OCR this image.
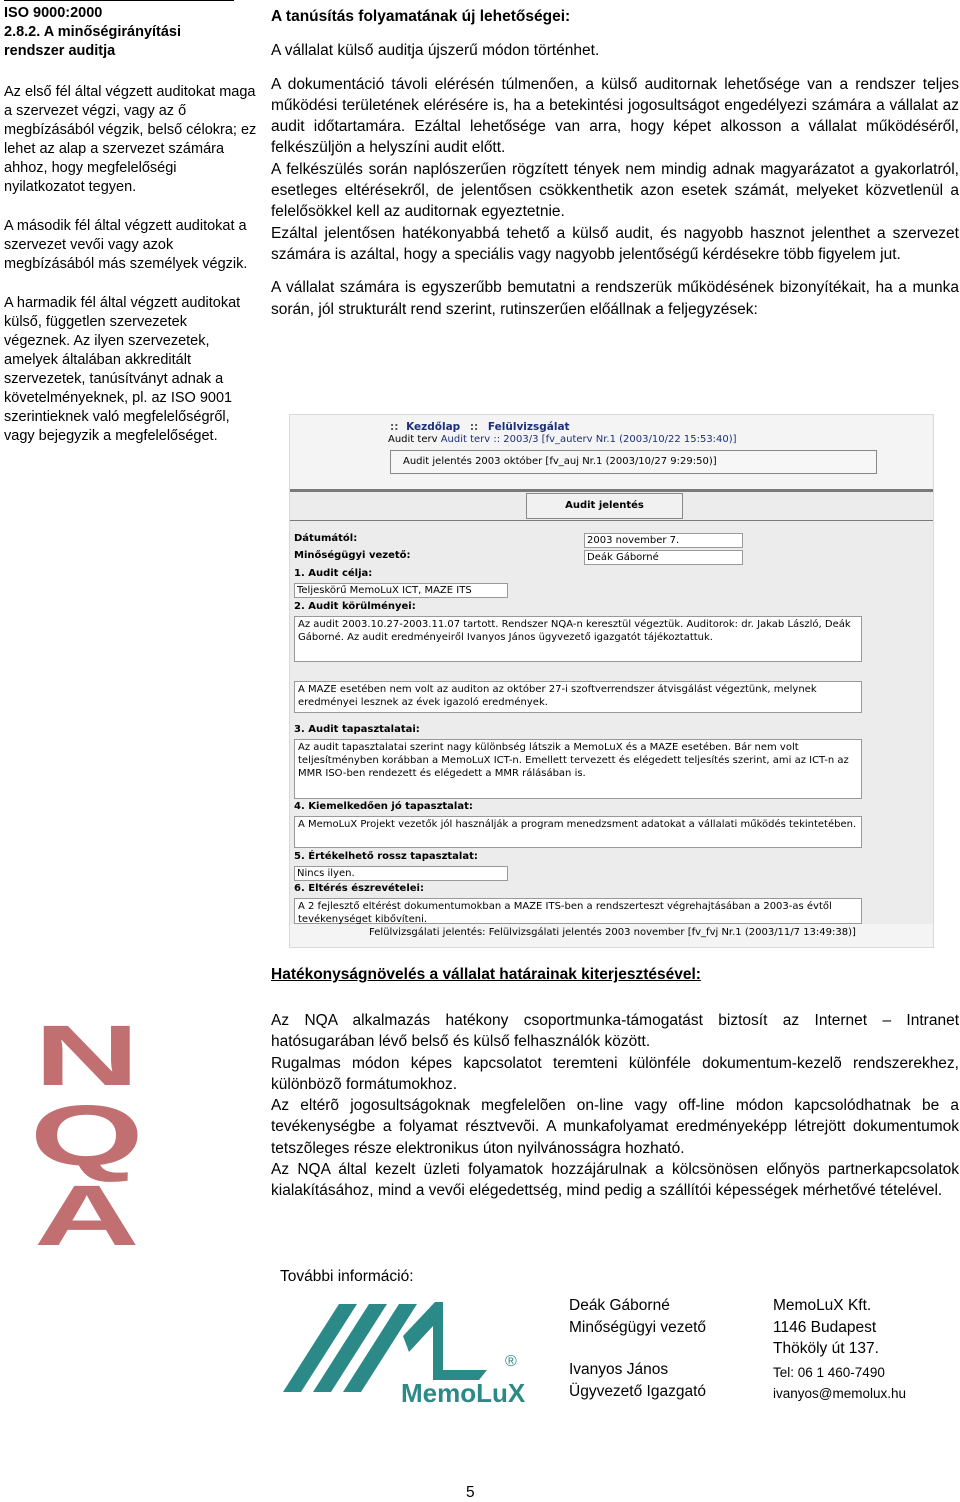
ISO 9000:2000
2.8.2. A minőségirányítási rendszer auditja
Az első fél által végzett auditokat maga a szervezet végzi, vagy az ő megbízásából végzik, belső célokra; ez lehet az alap a szervezet számára ahhoz, hogy megfelelőségi nyilatkozatot tegyen.
A második fél által végzett auditokat a szervezet vevői vagy azok megbízásából más személyek végzik.
A harmadik fél által végzett auditokat külső, független szervezetek végeznek. Az ilyen szervezetek, amelyek általában akkreditált szervezetek, tanúsítványt adnak a követelményeknek, pl. az ISO 9001 szerintieknek való megfelelőségről, vagy bejegyzik a megfelelőséget.

A tanúsítás folyamatának új lehetőségei:

A vállalat külső auditja újszerű módon történhet.

A dokumentáció távoli elérésén túlmenően, a külső auditornak lehetősége van a rendszer teljes működési területének elérésére is, ha a betekintési jogosultságot engedélyezi számára a vállalat az audit időtartamára. Ezáltal lehetősége van arra, hogy képet alkosson a vállalat működéséről, felkészüljön a helyszíni audit előtt.

A felkészülés során naplószerűen rögzített tények nem mindig adnak magyarázatot a gyakorlatról, esetleges eltérésekről, de jelentősen csökkenthetik azon esetek számát, melyeket közvetlenül a felelősökkel kell az auditornak egyeztetnie.

Ezáltal jelentősen hatékonyabbá tehető a külső audit, és nagyobb hasznot jelenthet a szervezet számára is azáltal, hogy a speciális vagy nagyobb jelentőségű kérdésekre több figyelem jut.

A vállalat számára is egyszerűbb bemutatni a rendszerük működésének bizonyítékait, ha a munka során, jól strukturált rend szerint, rutinszerűen előállnak a feljegyzések:

:: Kezdőlap :: Felülvizsgálat
Audit terv Audit terv :: 2003/3 [fv_auterv Nr.1 (2003/10/22 15:53:40)]
Audit jelentés 2003 október [fv_auj Nr.1 (2003/10/27 9:29:50)]
Audit jelentés
Dátumától:	2003 november 7.
Minőségügyi vezető:	Deák Gáborné
1. Audit célja:
Teljeskörű MemoLuX ICT, MAZE ITS
2. Audit körülményei:
Az audit 2003.10.27-2003.11.07 tartott. Rendszer NQA-n keresztül végeztük. Auditorok: dr. Jakab László, Deák Gáborné. Az audit eredményeiről Ivanyos János ügyvezető igazgatót tájékoztattuk.
A MAZE esetében nem volt az auditon az október 27-i szoftverrendszer átvisgálást végeztünk, melynek eredményei lesznek az évek igazoló eredmények.
3. Audit tapasztalatai:
Az audit tapasztalatai szerint nagy különbség látszik a MemoLuX és a MAZE esetében. Bár nem volt teljesítményben korábban a MemoLuX ICT-n. Emellett tervezett és elégedett teljesítés szerint, ami az ICT-n az MMR ISO-ben rendezett és elégedett a MMR rálásában is.
4. Kiemelkedően jó tapasztalat:
A MemoLuX Projekt vezetők jól használják a program menedzsment adatokat a vállalati működés tekintetében.
5. Értékelhető rossz tapasztalat:
Nincs ilyen.
6. Eltérés észrevételei:
A 2 fejlesztő eltérést dokumentumokban a MAZE ITS-ben a rendszerteszt végrehajtásában a 2003-as évtől tevékenységet kibővíteni.
Felülvizsgálati jelentés: Felülvizsgálati jelentés 2003 november [fv_fvj Nr.1 (2003/11/7 13:49:38)]
Hatékonyságnövelés a vállalat határainak kiterjesztésével:

Az NQA alkalmazás hatékony csoportmunka-támogatást biztosít az Internet – Intranet hatósugarában lévő belső és külső felhasználók között.

Rugalmas módon képes kapcsolatot teremteni különféle dokumentum-kezelõ rendszerekhez, különbözõ formátumokhoz.

Az eltérõ jogosultságoknak megfelelõen on-line vagy off-line módon kapcsolódhatnak be a tevékenységbe a folyamat résztvevõi. A munkafolyamat eredményeképp létrejött dokumentumok tetszõleges része elektronikus úton nyilvánosságra hozható.

Az NQA által kezelt üzleti folyamatok hozzájárulnak a kölcsönösen előnyös partnerkapcsolatok kialakításához, mind a vevői elégedettség, mind pedig a szállítói képességek mérhetővé tételével.

N
Q
A
MemoLuX
®
További információ:
Deák Gáborné
Minőségügyi vezető
Ivanyos János
Ügyvezető Igazgató
MemoLuX Kft.
1146 Budapest
Thököly út 137.
Tel: 06 1 460-7490
ivanyos@memolux.hu
5
